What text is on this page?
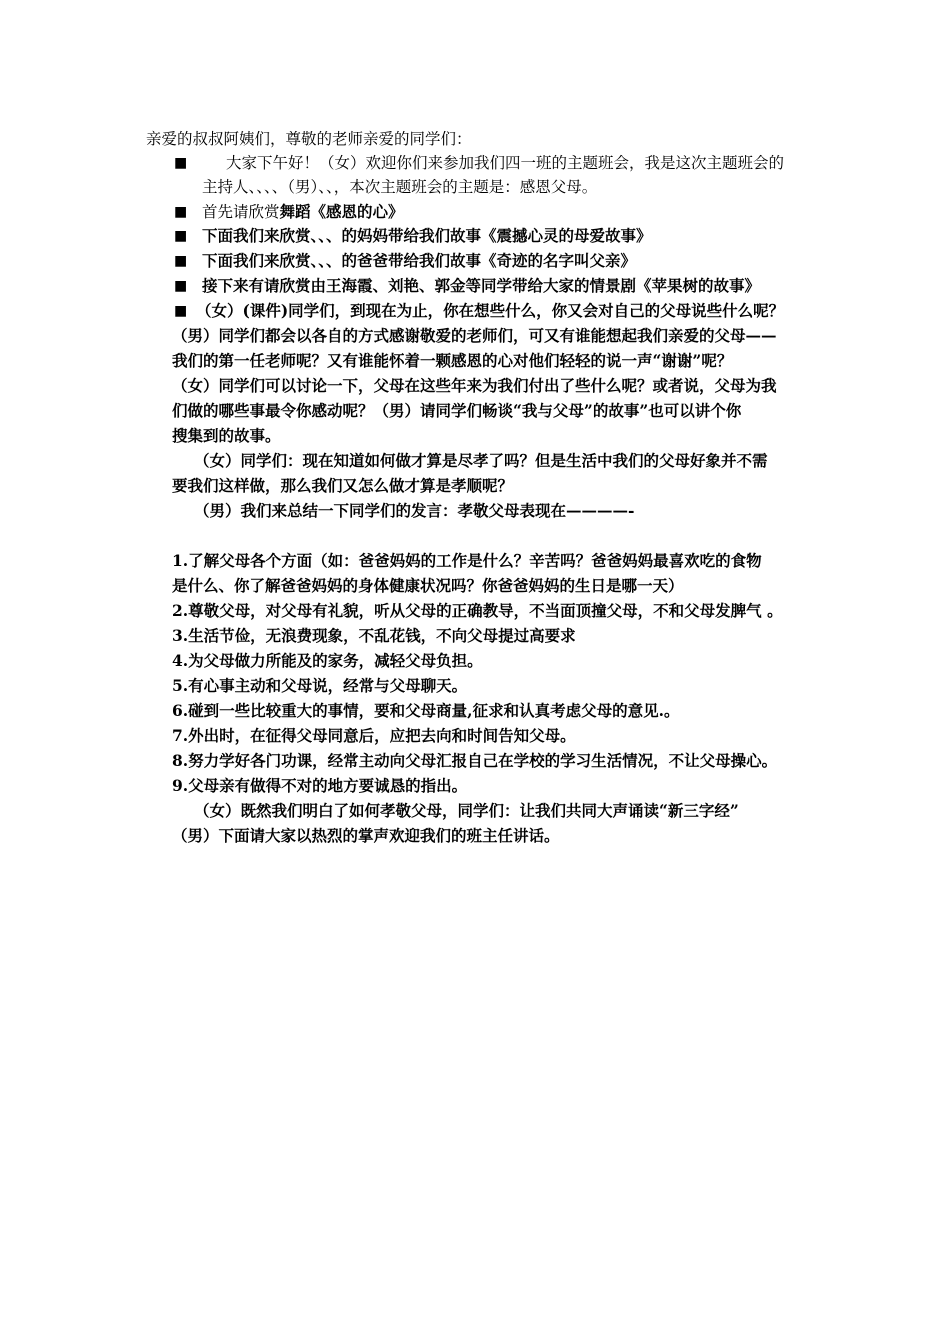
亲爱的叔叔阿姨们，尊敬的老师亲爱的同学们：
■	大家下午好！（女）欢迎你们来参加我们四一班的主题班会，我是这次主题班会的
主持人、、、、（男）、、，本次主题班会的主题是：感恩父母。
■ 首先请欣赏舞蹈《感恩的心》
■ 下面我们来欣赏、、、的妈妈带给我们故事《震撼心灵的母爱故事》
■ 下面我们来欣赏、、、的爸爸带给我们故事《奇迹的名字叫父亲》
■ 接下来有请欣赏由王海霞、刘艳、郭金等同学带给大家的情景剧《苹果树的故事》
■ （女）(课件)同学们，到现在为止，你在想些什么，你又会对自己的父母说些什么呢？
（男）同学们都会以各自的方式感谢敬爱的老师们，可又有谁能想起我们亲爱的父母——
我们的第一任老师呢？又有谁能怀着一颗感恩的心对他们轻轻的说一声“谢谢”呢？
（女）同学们可以讨论一下，父母在这些年来为我们付出了些什么呢？或者说，父母为我
们做的哪些事最令你感动呢？（男）请同学们畅谈“我与父母”的故事”也可以讲个你
搜集到的故事。
（女）同学们：现在知道如何做才算是尽孝了吗？但是生活中我们的父母好象并不需
要我们这样做，那么我们又怎么做才算是孝顺呢？
（男）我们来总结一下同学们的发言：孝敬父母表现在————-
1.了解父母各个方面（如：爸爸妈妈的工作是什么？辛苦吗？爸爸妈妈最喜欢吃的食物
是什么、你了解爸爸妈妈的身体健康状况吗？你爸爸妈妈的生日是哪一天）
2.尊敬父母，对父母有礼貌，听从父母的正确教导，不当面顶撞父母，不和父母发脾气 。
3.生活节俭，无浪费现象，不乱花钱，不向父母提过高要求
4.为父母做力所能及的家务，减轻父母负担。
5.有心事主动和父母说，经常与父母聊天。
6.碰到一些比较重大的事情，要和父母商量,征求和认真考虑父母的意见.。
7.外出时，在征得父母同意后，应把去向和时间告知父母。
8.努力学好各门功课，经常主动向父母汇报自己在学校的学习生活情况，不让父母操心。
9.父母亲有做得不对的地方要诚恳的指出。
（女）既然我们明白了如何孝敬父母，同学们：让我们共同大声诵读“新三字经”
（男）下面请大家以热烈的掌声欢迎我们的班主任讲话。
